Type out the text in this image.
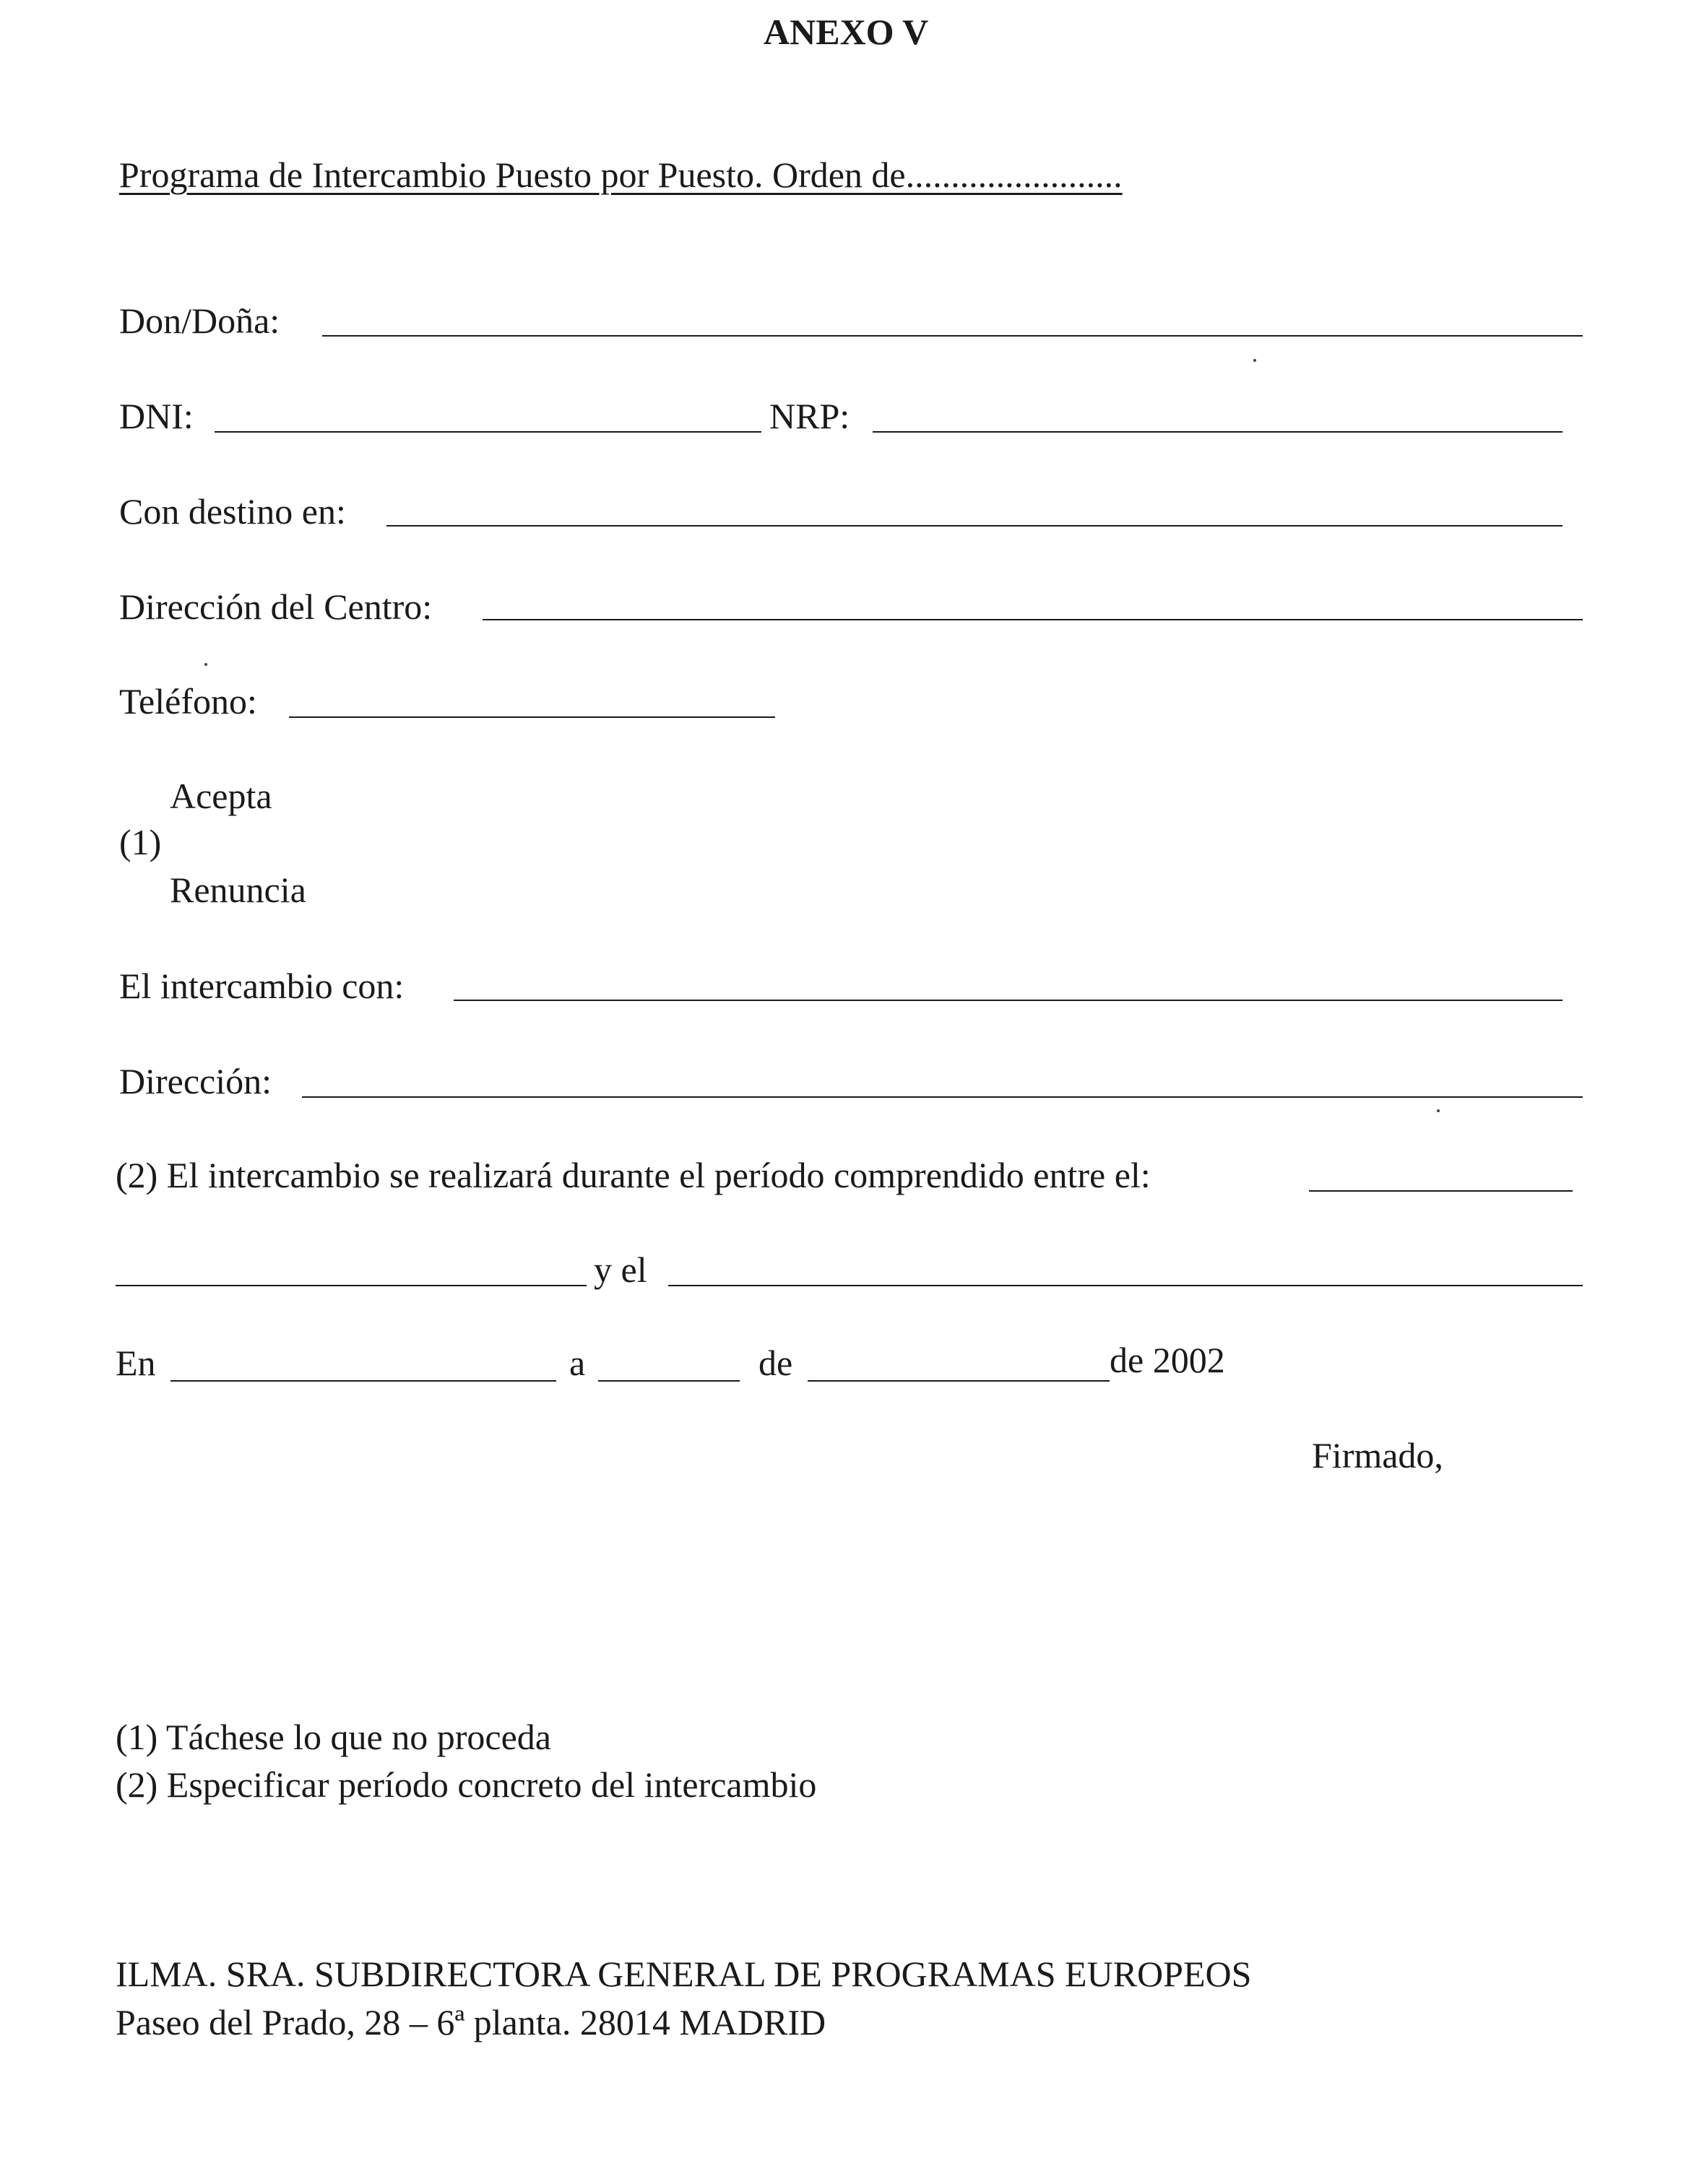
ANEXO V
Programa de Intercambio Puesto por Puesto. Orden de........................
Don/Doña:
DNI:	NRP:
Con destino en:
Dirección del Centro:
Teléfono:
Acepta
(1)
Renuncia
El intercambio con:
Dirección:
(2) El intercambio se realizará durante el período comprendido entre el:
y el
En	a	de	de 2002
Firmado,
(1) Táchese lo que no proceda
(2) Especificar período concreto del intercambio
ILMA. SRA. SUBDIRECTORA GENERAL DE PROGRAMAS EUROPEOS
Paseo del Prado, 28 – 6ª planta. 28014 MADRID
